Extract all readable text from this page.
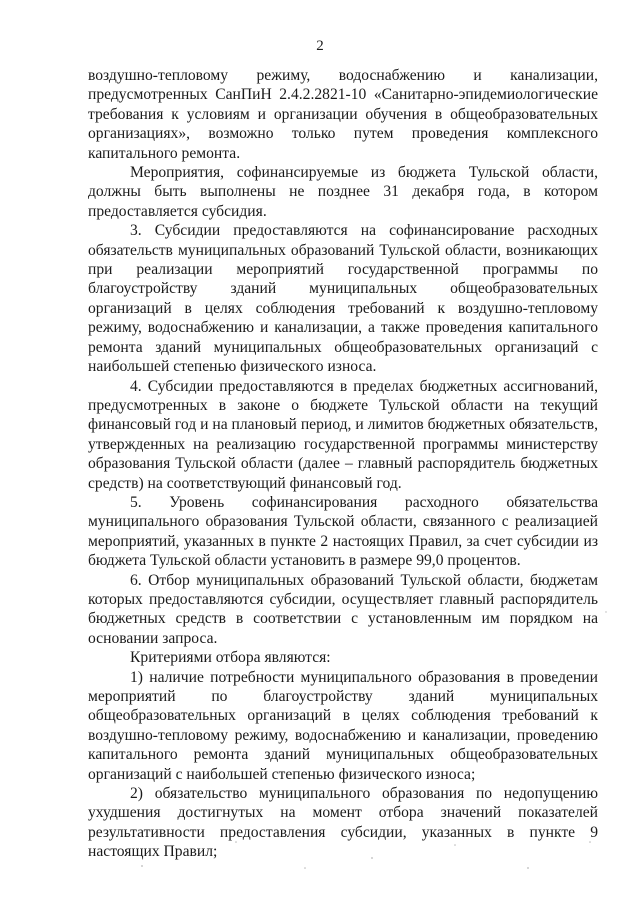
2

воздушно-тепловому режиму, водоснабжению и канализации, предусмотренных СанПиН 2.4.2.2821-10 «Санитарно-эпидемиологические требования к условиям и организации обучения в общеобразовательных организациях», возможно только путем проведения комплексного капитального ремонта.

Мероприятия, софинансируемые из бюджета Тульской области, должны быть выполнены не позднее 31 декабря года, в котором предоставляется субсидия.

3. Субсидии предоставляются на софинансирование расходных обязательств муниципальных образований Тульской области, возникающих при реализации мероприятий государственной программы по благоустройству зданий муниципальных общеобразовательных организаций в целях соблюдения требований к воздушно-тепловому режиму, водоснабжению и канализации, а также проведения капитального ремонта зданий муниципальных общеобразовательных организаций с наибольшей степенью физического износа.

4. Субсидии предоставляются в пределах бюджетных ассигнований, предусмотренных в законе о бюджете Тульской области на текущий финансовый год и на плановый период, и лимитов бюджетных обязательств, утвержденных на реализацию государственной программы министерству образования Тульской области (далее – главный распорядитель бюджетных средств) на соответствующий финансовый год.

5. Уровень софинансирования расходного обязательства муниципального образования Тульской области, связанного с реализацией мероприятий, указанных в пункте 2 настоящих Правил, за счет субсидии из бюджета Тульской области установить в размере 99,0 процентов.

6. Отбор муниципальных образований Тульской области, бюджетам которых предоставляются субсидии, осуществляет главный распорядитель бюджетных средств в соответствии с установленным им порядком на основании запроса.

Критериями отбора являются:

1) наличие потребности муниципального образования в проведении мероприятий по благоустройству зданий муниципальных общеобразовательных организаций в целях соблюдения требований к воздушно-тепловому режиму, водоснабжению и канализации, проведению капитального ремонта зданий муниципальных общеобразовательных организаций с наибольшей степенью физического износа;

2) обязательство муниципального образования по недопущению ухудшения достигнутых на момент отбора значений показателей результативности предоставления субсидии, указанных в пункте 9 настоящих Правил;
